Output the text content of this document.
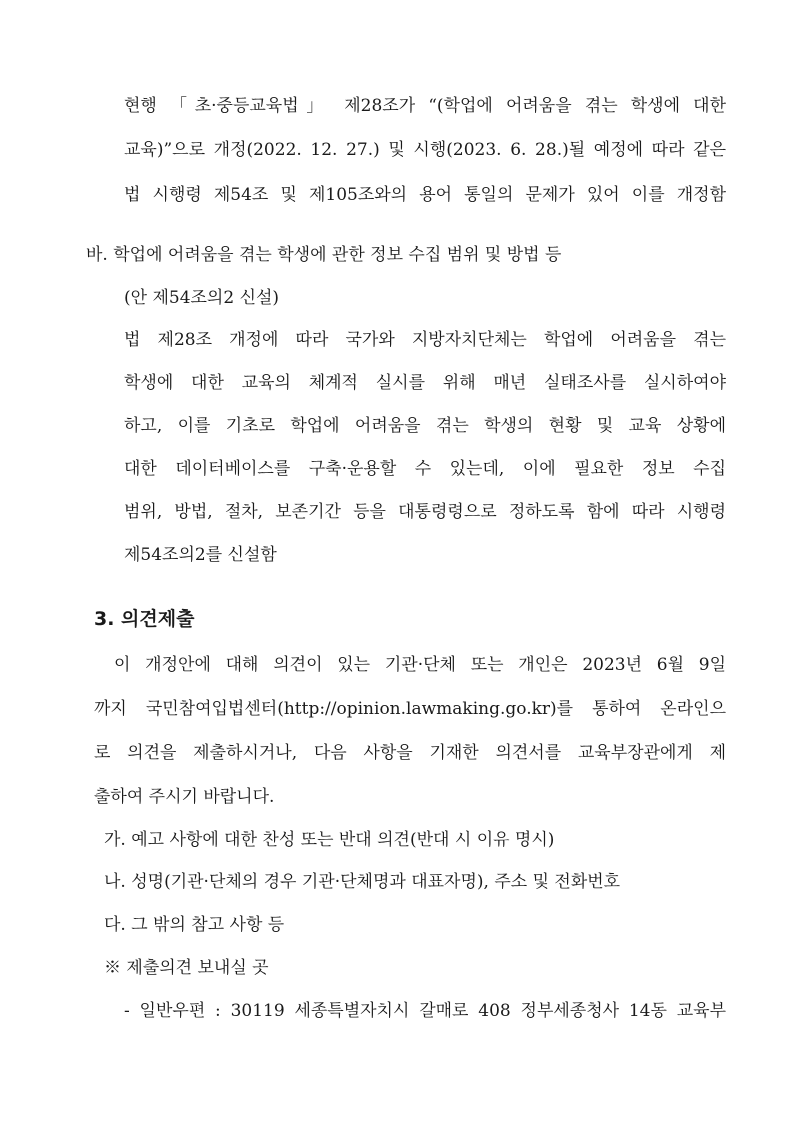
현행 「초·중등교육법」 제28조가 “(학업에 어려움을 겪는 학생에 대한
교육)”으로 개정(2022. 12. 27.) 및 시행(2023. 6. 28.)될 예정에 따라 같은
법 시행령 제54조 및 제105조와의 용어 통일의 문제가 있어 이를 개정함
바. 학업에 어려움을 겪는 학생에 관한 정보 수집 범위 및 방법 등
(안 제54조의2 신설)
법 제28조 개정에 따라 국가와 지방자치단체는 학업에 어려움을 겪는
학생에 대한 교육의 체계적 실시를 위해 매년 실태조사를 실시하여야
하고, 이를 기초로 학업에 어려움을 겪는 학생의 현황 및 교육 상황에
대한 데이터베이스를 구축·운용할 수 있는데, 이에 필요한 정보 수집
범위, 방법, 절차, 보존기간 등을 대통령령으로 정하도록 함에 따라 시행령
제54조의2를 신설함
3. 의견제출
이 개정안에 대해 의견이 있는 기관·단체 또는 개인은 2023년 6월 9일
까지 국민참여입법센터(http://opinion.lawmaking.go.kr)를 통하여 온라인으
로 의견을 제출하시거나, 다음 사항을 기재한 의견서를 교육부장관에게 제
출하여 주시기 바랍니다.
가. 예고 사항에 대한 찬성 또는 반대 의견(반대 시 이유 명시)
나. 성명(기관·단체의 경우 기관·단체명과 대표자명), 주소 및 전화번호
다. 그 밖의 참고 사항 등
※ 제출의견 보내실 곳
- 일반우편 : 30119 세종특별자치시 갈매로 408 정부세종청사 14동 교육부
